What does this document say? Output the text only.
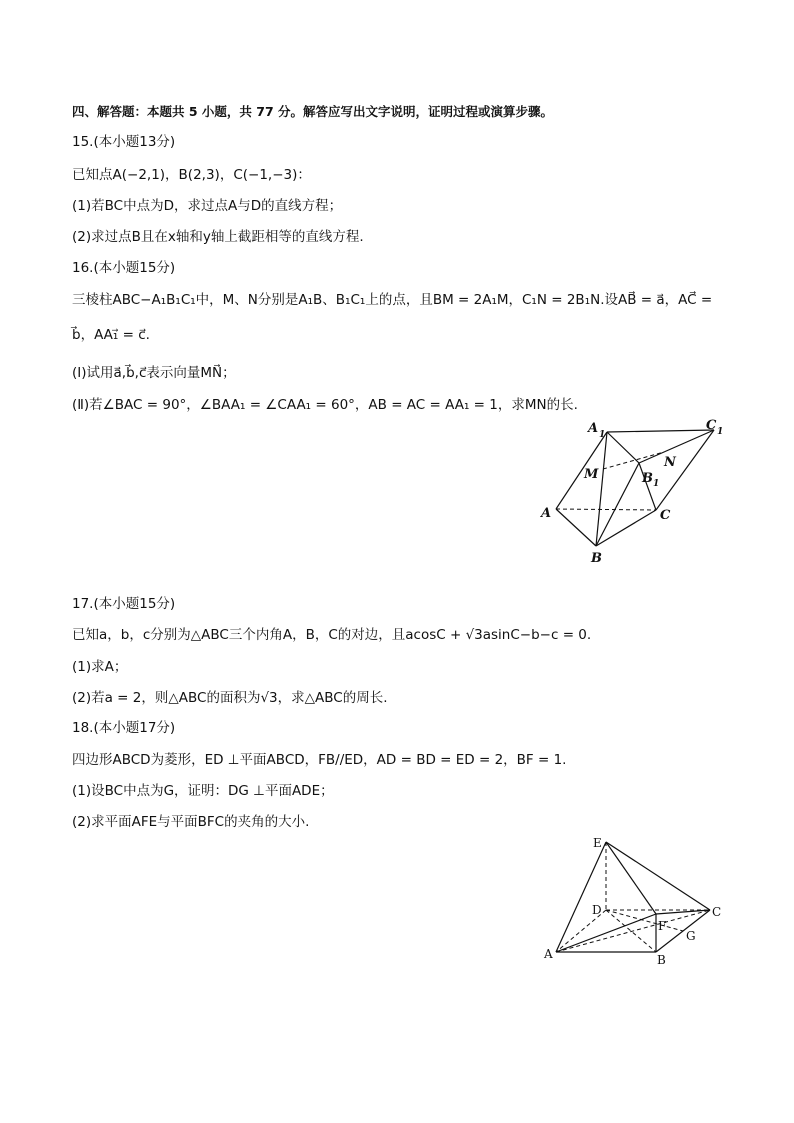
四、解答题：本题共 5 小题，共 77 分。解答应写出文字说明，证明过程或演算步骤。
15.(本小题13分)
已知点A(−2,1)，B(2,3)，C(−1,−3)：
(1)若BC中点为D，求过点A与D的直线方程；
(2)求过点B且在x轴和y轴上截距相等的直线方程.
16.(本小题15分)
三棱柱ABC−A₁B₁C₁中，M、N分别是A₁B、B₁C₁上的点，且BM = 2A₁M，C₁N = 2B₁N.设AB⃗ = a⃗，AC⃗ =
b⃗，AA₁⃗ = c⃗.
(Ⅰ)试用a⃗,b⃗,c⃗表示向量MN⃗；
(Ⅱ)若∠BAC = 90°，∠BAA₁ = ∠CAA₁ = 60°，AB = AC = AA₁ = 1，求MN的长.
A 1
C 1
M
N
B 1
A	C
B
17.(本小题15分)
已知a，b，c分别为△ABC三个内角A，B，C的对边，且acosC + √3asinC−b−c = 0.
(1)求A；
(2)若a = 2，则△ABC的面积为√3，求△ABC的周长.
18.(本小题17分)
四边形ABCD为菱形，ED ⊥平面ABCD，FB//ED，AD = BD = ED = 2，BF = 1.
(1)设BC中点为G，证明：DG ⊥平面ADE；
(2)求平面AFE与平面BFC的夹角的大小.
E
D	C
F
G
A	B
